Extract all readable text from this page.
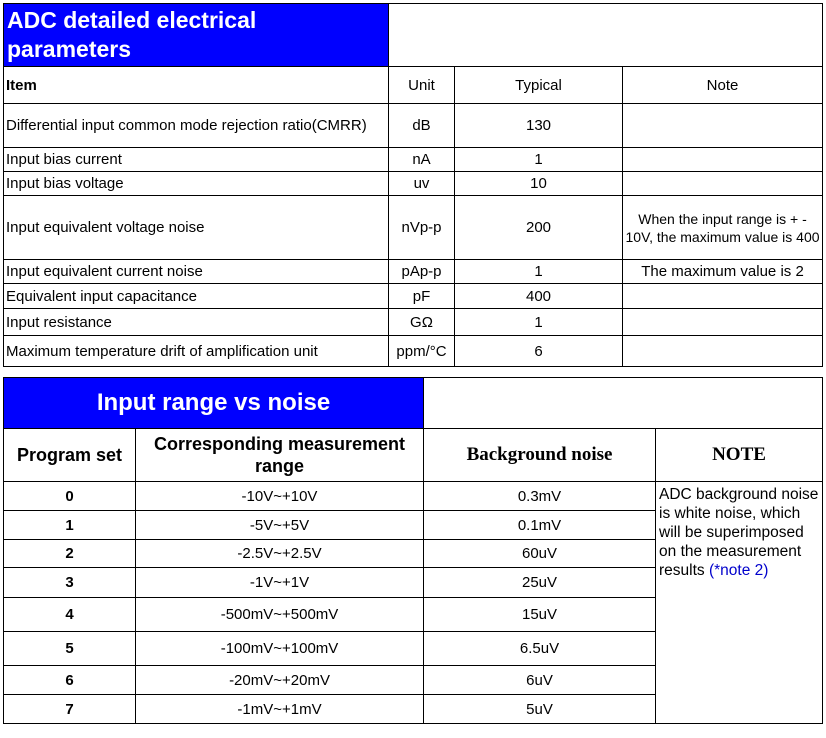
ADC detailed electrical parameters			
Item	Unit	Typical	Note
Differential input common mode rejection ratio(CMRR)	dB	130	
Input bias current	nA	1	
Input bias voltage	uv	10	
Input equivalent voltage noise	nVp-p	200	When the input range is + - 10V, the maximum value is 400
Input equivalent current noise	pAp-p	1	The maximum value is 2
Equivalent input capacitance	pF	400	
Input resistance	GΩ	1	
Maximum temperature drift of amplification unit	ppm/°C	6	
Input range vs noise			
Program set	Corresponding measurement range	Background noise	NOTE
0	-10V~+10V	0.3mV	ADC background noise is white noise, which will be superimposed on the measurement results (*note 2)
1	-5V~+5V	0.1mV	
2	-2.5V~+2.5V	60uV	
3	-1V~+1V	25uV	
4	-500mV~+500mV	15uV	
5	-100mV~+100mV	6.5uV	
6	-20mV~+20mV	6uV	
7	-1mV~+1mV	5uV	
